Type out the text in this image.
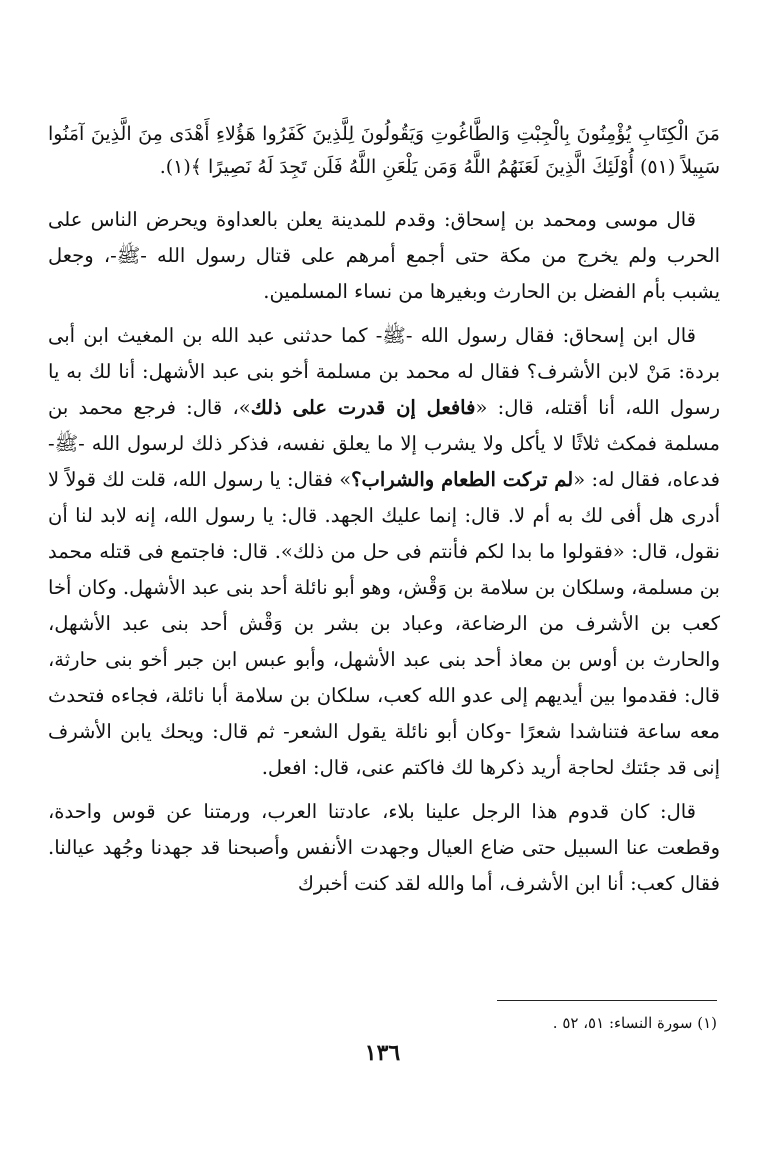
مَنَ الْكِتَابِ يُؤْمِنُونَ بِالْجِبْتِ وَالطَّاغُوتِ وَيَقُولُونَ لِلَّذِينَ كَفَرُوا هَؤُلاءِ أَهْدَى مِنَ الَّذِينَ آمَنُوا سَبِيلاً (٥١) أُوْلَئِكَ الَّذِينَ لَعَنَهُمُ اللَّهُ وَمَن يَلْعَنِ اللَّهُ فَلَن تَجِدَ لَهُ نَصِيرًا ﴾(١).

قال موسى ومحمد بن إسحاق: وقدم للمدينة يعلن بالعداوة ويحرض الناس على الحرب ولم يخرج من مكة حتى أجمع أمرهم على قتال رسول الله -ﷺ-، وجعل يشبب بأم الفضل بن الحارث وبغيرها من نساء المسلمين.

قال ابن إسحاق: فقال رسول الله -ﷺ- كما حدثنى عبد الله بن المغيث ابن أبى بردة: مَنْ لابن الأشرف؟ فقال له محمد بن مسلمة أخو بنى عبد الأشهل: أنا لك به يا رسول الله، أنا أقتله، قال: «فافعل إن قدرت على ذلك»، قال: فرجع محمد بن مسلمة فمكث ثلاثًا لا يأكل ولا يشرب إلا ما يعلق نفسه، فذكر ذلك لرسول الله -ﷺ- فدعاه، فقال له: «لم تركت الطعام والشراب؟» فقال: يا رسول الله، قلت لك قولاً لا أدرى هل أفى لك به أم لا. قال: إنما عليك الجهد. قال: يا رسول الله، إنه لابد لنا أن نقول، قال: «فقولوا ما بدا لكم فأنتم فى حل من ذلك». قال: فاجتمع فى قتله محمد بن مسلمة، وسلكان بن سلامة بن وَقْش، وهو أبو نائلة أحد بنى عبد الأشهل. وكان أخا كعب بن الأشرف من الرضاعة، وعباد بن بشر بن وَقْش أحد بنى عبد الأشهل، والحارث بن أوس بن معاذ أحد بنى عبد الأشهل، وأبو عبس ابن جبر أخو بنى حارثة، قال: فقدموا بين أيديهم إلى عدو الله كعب، سلكان بن سلامة أبا نائلة، فجاءه فتحدث معه ساعة فتناشدا شعرًا -وكان أبو نائلة يقول الشعر- ثم قال: ويحك يابن الأشرف إنى قد جئتك لحاجة أريد ذكرها لك فاكتم عنى، قال: افعل.

قال: كان قدوم هذا الرجل علينا بلاء، عادتنا العرب، ورمتنا عن قوس واحدة، وقطعت عنا السبيل حتى ضاع العيال وجهدت الأنفس وأصبحنا قد جهدنا وجُهد عيالنا. فقال كعب: أنا ابن الأشرف، أما والله لقد كنت أخبرك

(١) سورة النساء: ٥١، ٥٢ .
١٣٦
